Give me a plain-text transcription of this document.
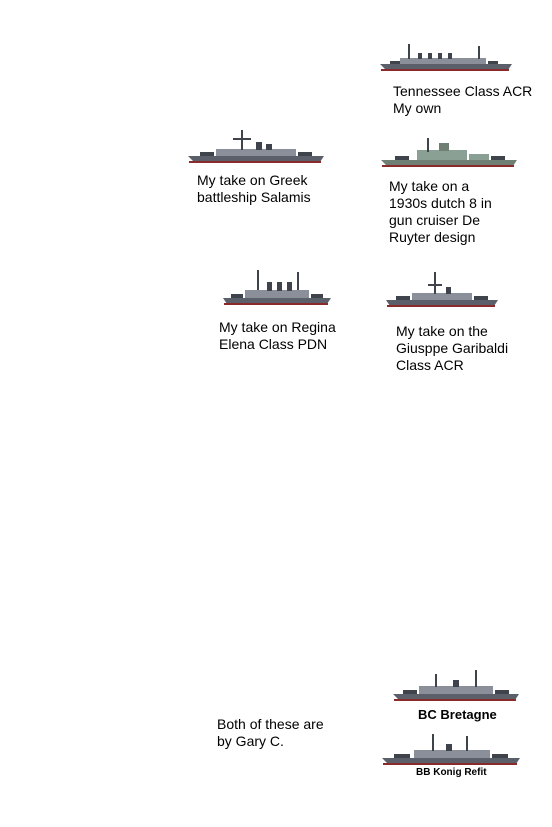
Tennessee Class ACR
My own
My take on Greek
battleship Salamis
My take on a
1930s dutch 8 in
gun cruiser De
Ruyter design
My take on Regina
Elena Class PDN
My take on the
Giusppe Garibaldi
Class ACR
BC Bretagne
BB Konig Refit
Both of these are
by Gary C.
